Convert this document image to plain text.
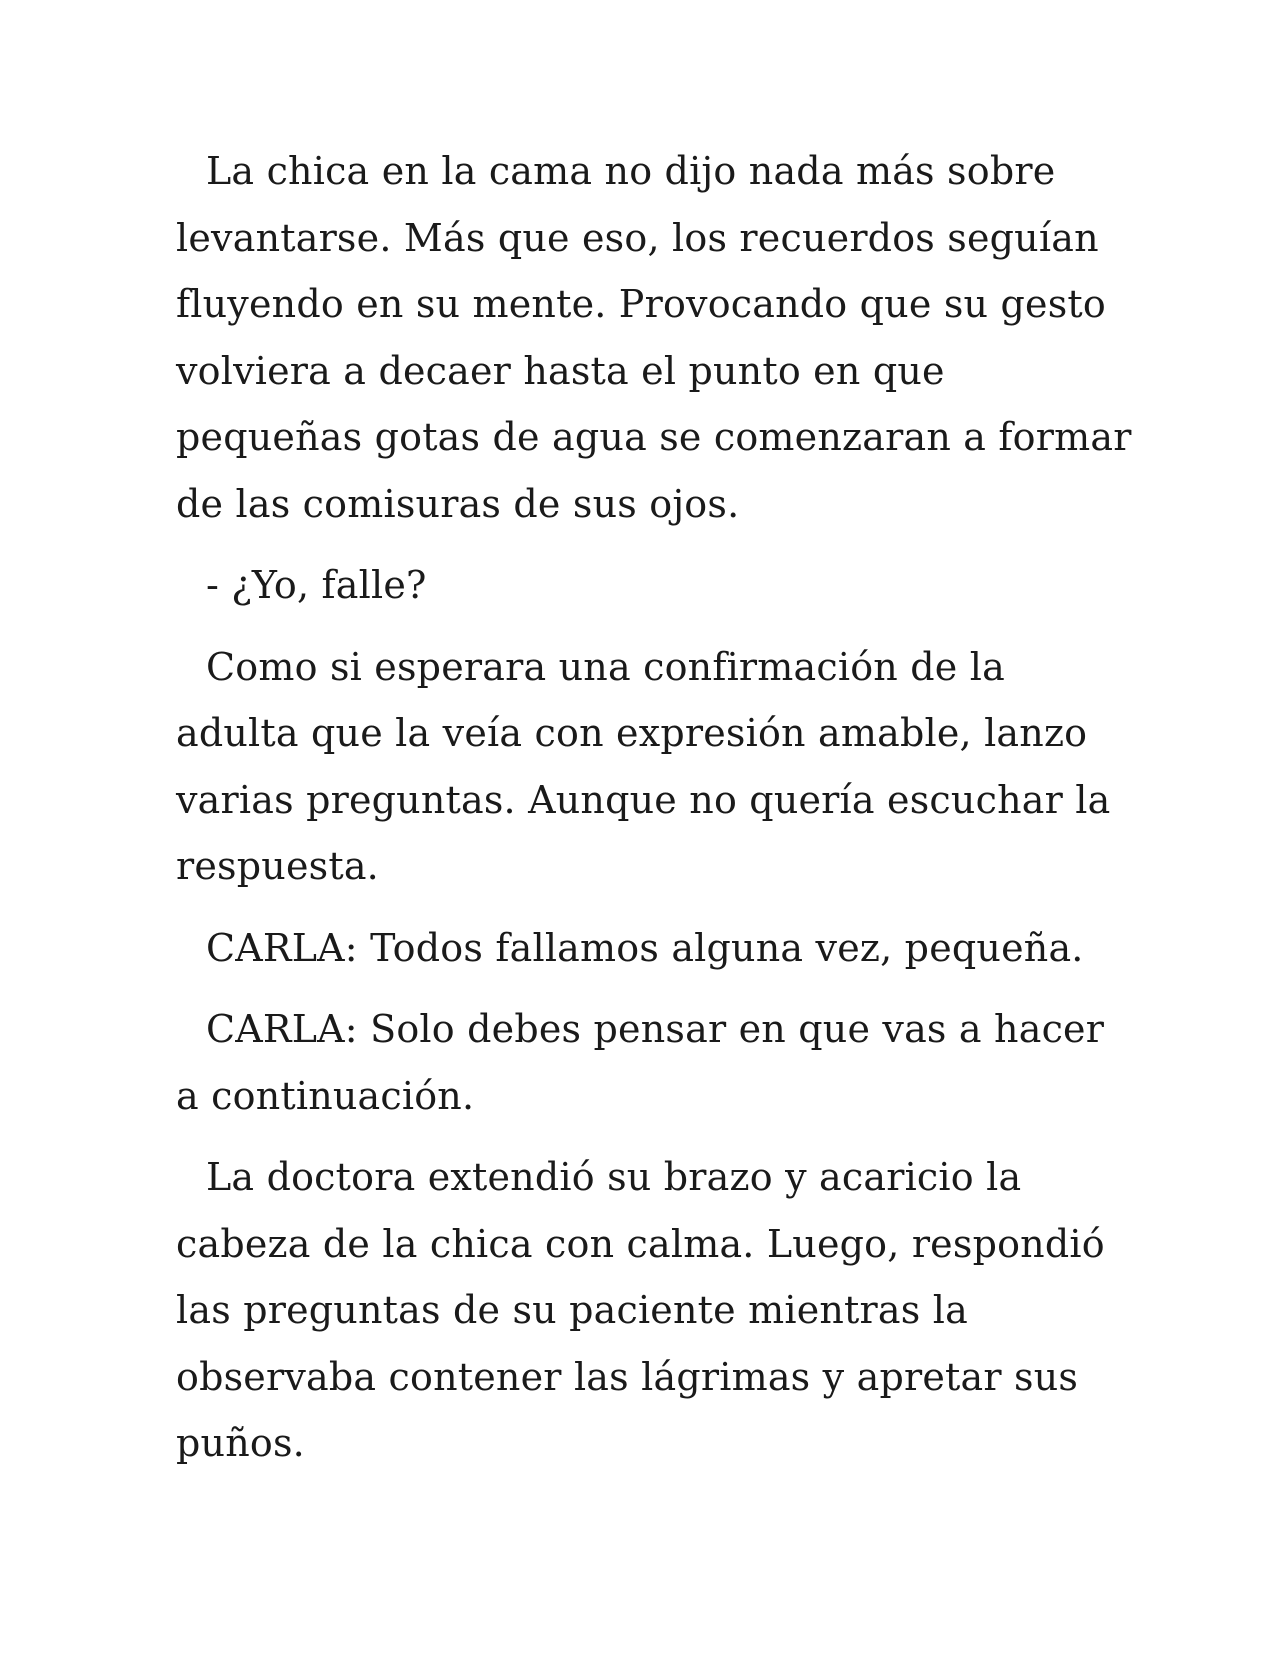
La chica en la cama no dijo nada más sobre levantarse. Más que eso, los recuerdos seguían fluyendo en su mente. Provocando que su gesto volviera a decaer hasta el punto en que pequeñas gotas de agua se comenzaran a formar de las comisuras de sus ojos.

- ¿Yo, falle?

Como si esperara una confirmación de la adulta que la veía con expresión amable, lanzo varias preguntas. Aunque no quería escuchar la respuesta.

CARLA: Todos fallamos alguna vez, pequeña.

CARLA: Solo debes pensar en que vas a hacer a continuación.

La doctora extendió su brazo y acaricio la cabeza de la chica con calma. Luego, respondió las preguntas de su paciente mientras la observaba contener las lágrimas y apretar sus puños.
